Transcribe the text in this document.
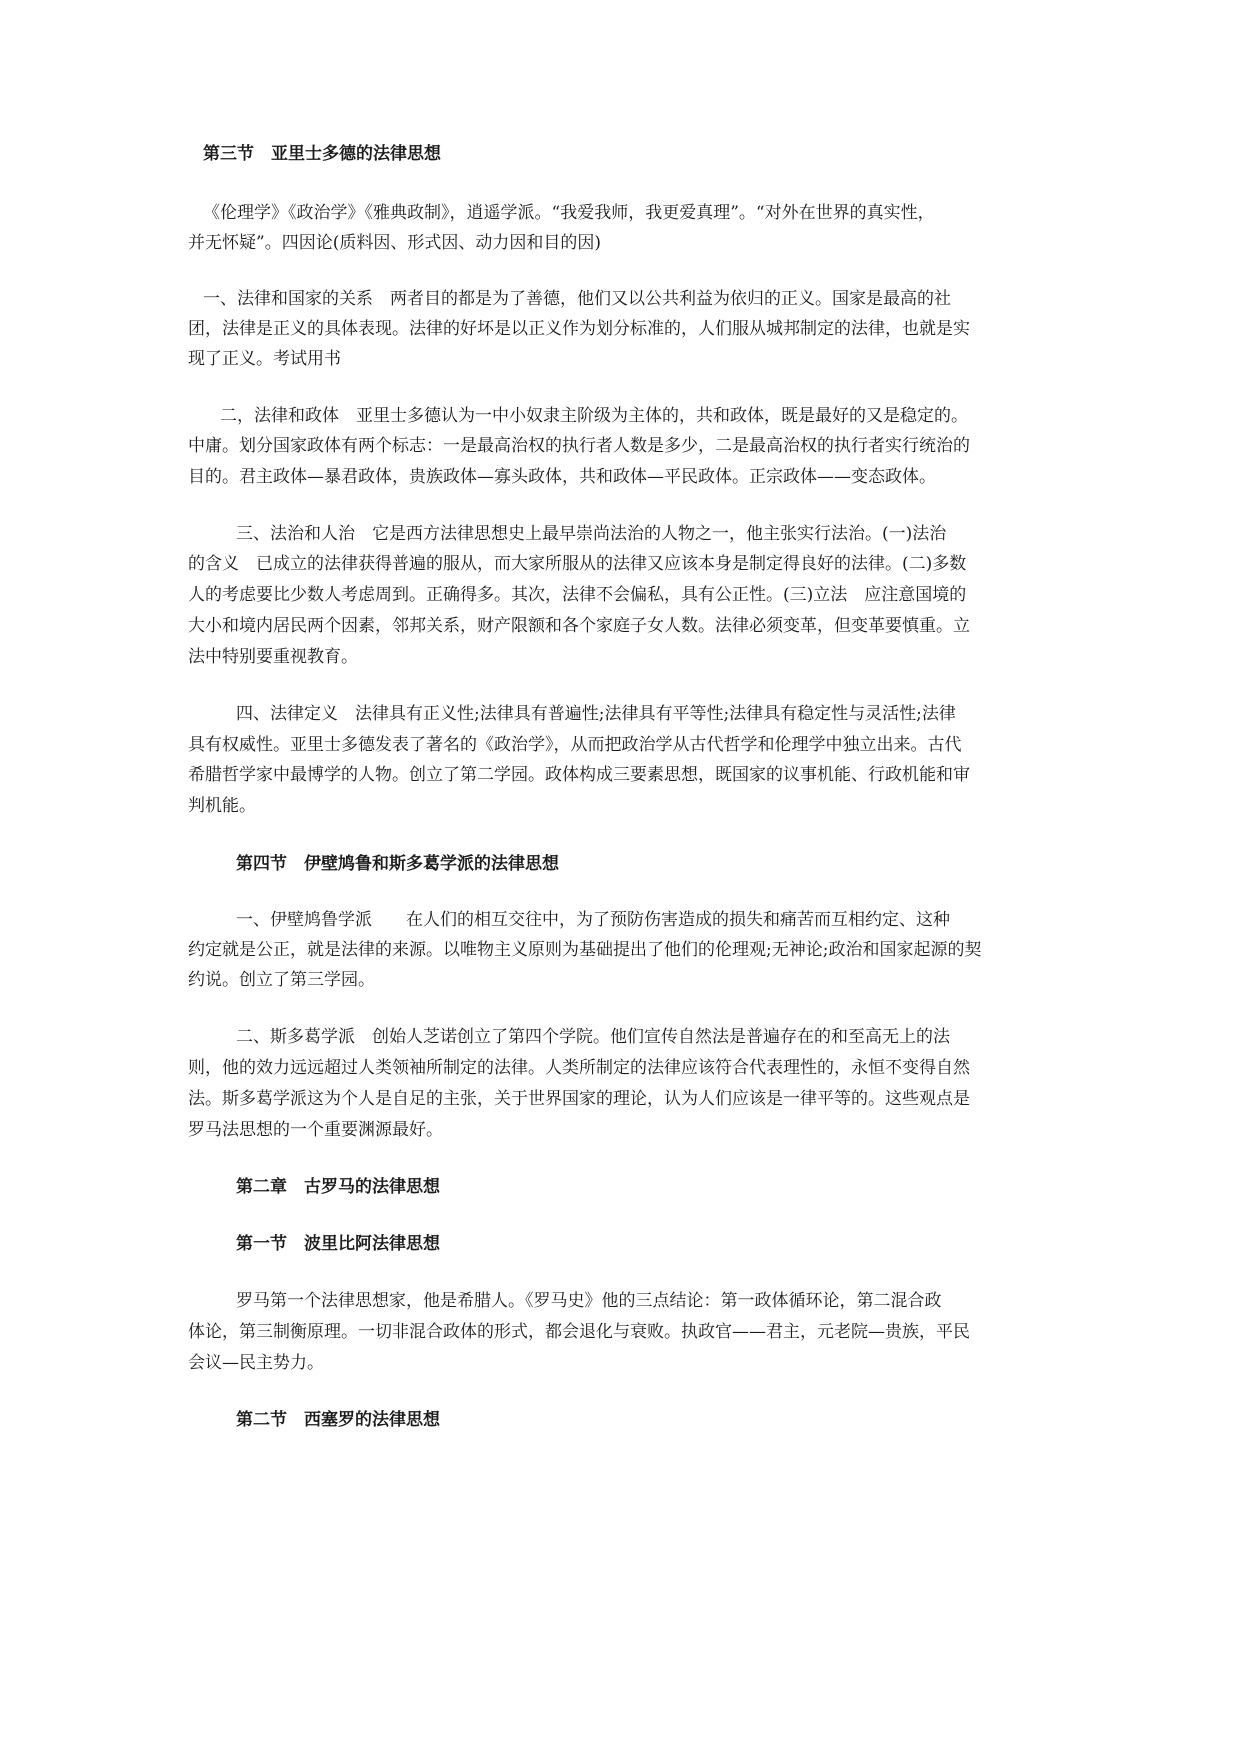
第三节　亚里士多德的法律思想
《伦理学》《政治学》《雅典政制》，逍遥学派。“我爱我师，我更爱真理”。“对外在世界的真实性，
并无怀疑”。四因论(质料因、形式因、动力因和目的因)
一、法律和国家的关系　两者目的都是为了善德，他们又以公共利益为依归的正义。国家是最高的社
团，法律是正义的具体表现。法律的好坏是以正义作为划分标准的，人们服从城邦制定的法律，也就是实
现了正义。考试用书
二，法律和政体　亚里士多德认为一中小奴隶主阶级为主体的，共和政体，既是最好的又是稳定的。
中庸。划分国家政体有两个标志：一是最高治权的执行者人数是多少，二是最高治权的执行者实行统治的
目的。君主政体—暴君政体，贵族政体—寡头政体，共和政体—平民政体。正宗政体——变态政体。
三、法治和人治　它是西方法律思想史上最早崇尚法治的人物之一，他主张实行法治。(一)法治
的含义　已成立的法律获得普遍的服从，而大家所服从的法律又应该本身是制定得良好的法律。(二)多数
人的考虑要比少数人考虑周到。正确得多。其次，法律不会偏私，具有公正性。(三)立法　应注意国境的
大小和境内居民两个因素，邻邦关系，财产限额和各个家庭子女人数。法律必须变革，但变革要慎重。立
法中特别要重视教育。
四、法律定义　法律具有正义性;法律具有普遍性;法律具有平等性;法律具有稳定性与灵活性;法律
具有权威性。亚里士多德发表了著名的《政治学》，从而把政治学从古代哲学和伦理学中独立出来。古代
希腊哲学家中最博学的人物。创立了第二学园。政体构成三要素思想，既国家的议事机能、行政机能和审
判机能。
第四节　伊壁鸠鲁和斯多葛学派的法律思想
一、伊壁鸠鲁学派　　在人们的相互交往中，为了预防伤害造成的损失和痛苦而互相约定、这种
约定就是公正，就是法律的来源。以唯物主义原则为基础提出了他们的伦理观;无神论;政治和国家起源的契
约说。创立了第三学园。
二、斯多葛学派　创始人芝诺创立了第四个学院。他们宣传自然法是普遍存在的和至高无上的法
则，他的效力远远超过人类领袖所制定的法律。人类所制定的法律应该符合代表理性的，永恒不变得自然
法。斯多葛学派这为个人是自足的主张，关于世界国家的理论，认为人们应该是一律平等的。这些观点是
罗马法思想的一个重要渊源最好。
第二章　古罗马的法律思想
第一节　波里比阿法律思想
罗马第一个法律思想家，他是希腊人。《罗马史》他的三点结论：第一政体循环论，第二混合政
体论，第三制衡原理。一切非混合政体的形式，都会退化与衰败。执政官——君主，元老院—贵族，平民
会议—民主势力。
第二节　西塞罗的法律思想
